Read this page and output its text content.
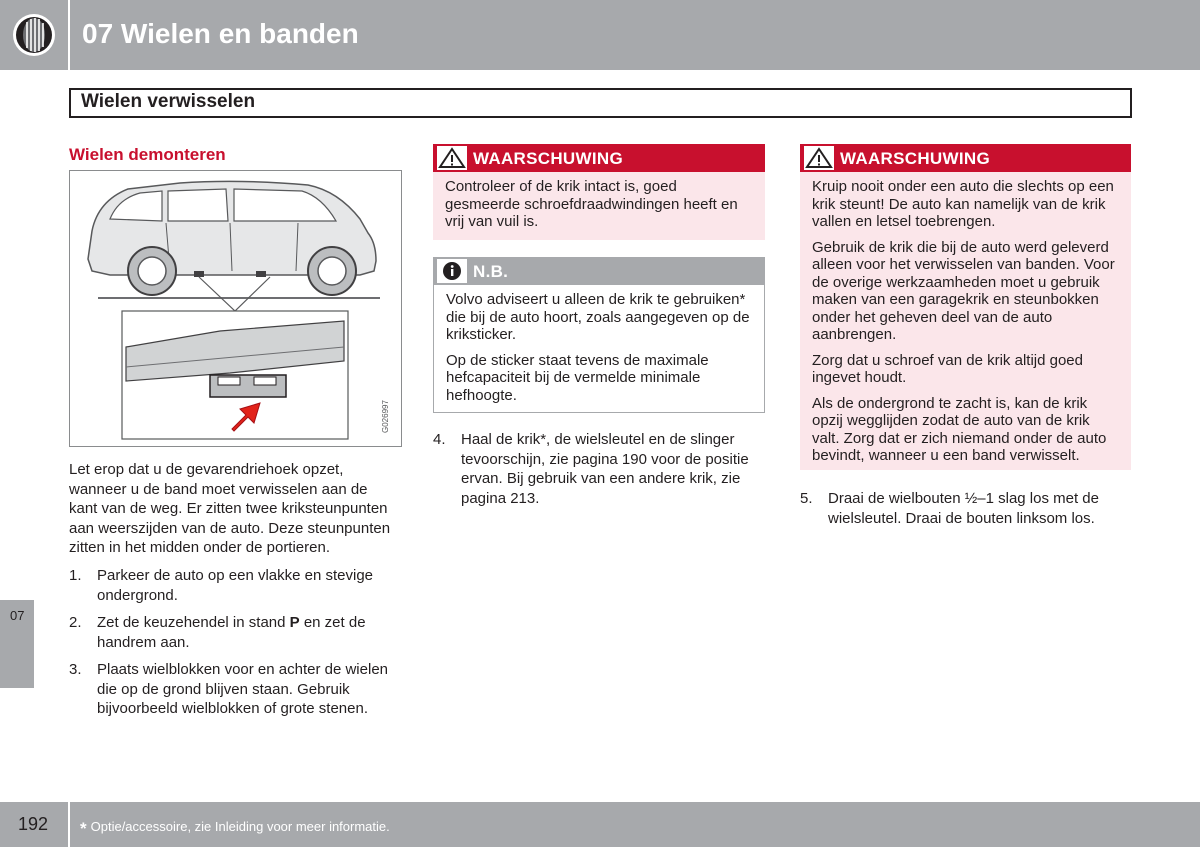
07 Wielen en banden
Wielen verwisselen
Wielen demonteren
G026997
Let erop dat u de gevarendriehoek opzet, wanneer u de band moet verwisselen aan de kant van de weg. Er zitten twee kriksteunpunten aan weerszijden van de auto. Deze steunpunten zitten in het midden onder de portieren.
1. Parkeer de auto op een vlakke en stevige ondergrond.
2. Zet de keuzehendel in stand P en zet de handrem aan.
3. Plaats wielblokken voor en achter de wielen die op de grond blijven staan. Gebruik bijvoorbeeld wielblokken of grote stenen.
07
WAARSCHUWING

Controleer of de krik intact is, goed gesmeerde schroefdraadwindingen heeft en vrij van vuil is.

N.B.

Volvo adviseert u alleen de krik te gebruiken* die bij de auto hoort, zoals aangegeven op de kriksticker.

Op de sticker staat tevens de maximale hefcapaciteit bij de vermelde minimale hefhoogte.

4. Haal de krik*, de wielsleutel en de slinger tevoorschijn, zie pagina 190 voor de positie ervan. Bij gebruik van een andere krik, zie pagina 213.
WAARSCHUWING

Kruip nooit onder een auto die slechts op een krik steunt! De auto kan namelijk van de krik vallen en letsel toebrengen.

Gebruik de krik die bij de auto werd geleverd alleen voor het verwisselen van banden. Voor de overige werkzaamheden moet u gebruik maken van een garagekrik en steunbokken onder het geheven deel van de auto aanbrengen.

Zorg dat u schroef van de krik altijd goed ingevet houdt.

Als de ondergrond te zacht is, kan de krik opzij wegglijden zodat de auto van de krik valt. Zorg dat er zich niemand onder de auto bevindt, wanneer u een band verwisselt.

5. Draai de wielbouten ½–1 slag los met de wielsleutel. Draai de bouten linksom los.
192 * Optie/accessoire, zie Inleiding voor meer informatie.
